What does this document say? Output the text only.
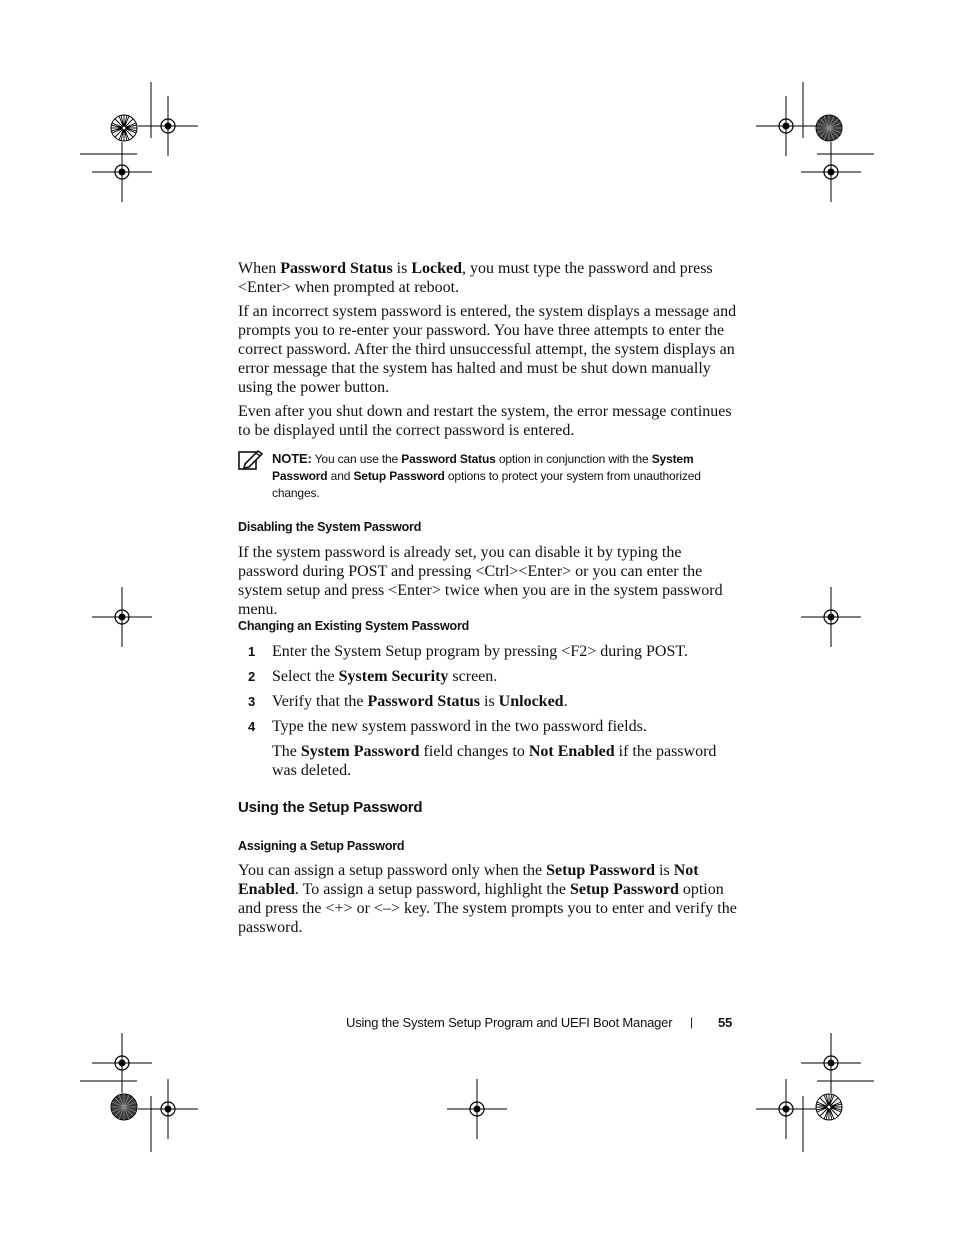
When Password Status is Locked, you must type the password and press <Enter> when prompted at reboot.

If an incorrect system password is entered, the system displays a message and prompts you to re-enter your password. You have three attempts to enter the correct password. After the third unsuccessful attempt, the system displays an error message that the system has halted and must be shut down manually using the power button.

Even after you shut down and restart the system, the error message continues to be displayed until the correct password is entered.

NOTE: You can use the Password Status option in conjunction with the System Password and Setup Password options to protect your system from unauthorized changes.
Disabling the System Password

If the system password is already set, you can disable it by typing the password during POST and pressing <Ctrl><Enter> or you can enter the system setup and press <Enter> twice when you are in the system password menu.

Changing an Existing System Password
1 Enter the System Setup program by pressing <F2> during POST.
2 Select the System Security screen.
3 Verify that the Password Status is Unlocked.
4 Type the new system password in the two password fields.

The System Password field changes to Not Enabled if the password was deleted.

Using the Setup Password
Assigning a Setup Password

You can assign a setup password only when the Setup Password is Not Enabled. To assign a setup password, highlight the Setup Password option and press the <+> or <–> key. The system prompts you to enter and verify the password.

Using the System Setup Program and UEFI Boot Manager | 55
